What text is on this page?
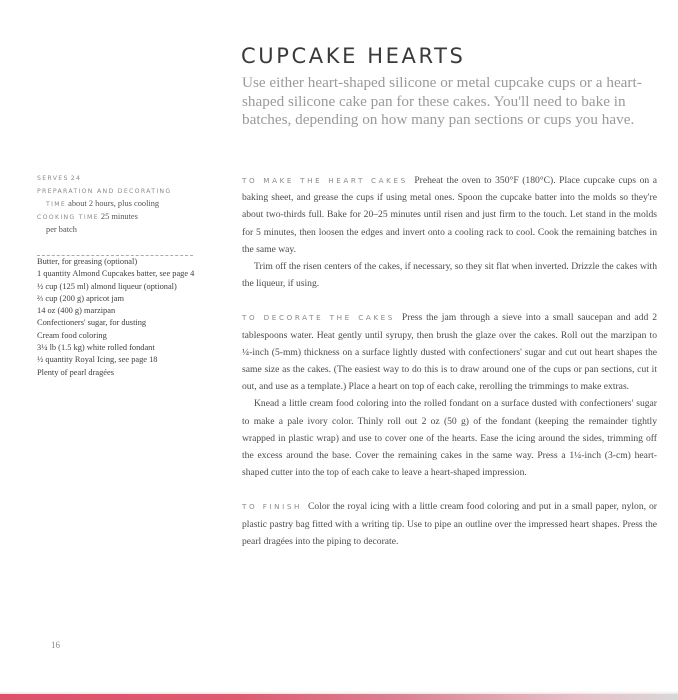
CUPCAKE HEARTS

Use either heart-shaped silicone or metal cupcake cups or a heart-shaped silicone cake pan for these cakes. You'll need to bake in batches, depending on how many pan sections or cups you have.

SERVES 24
PREPARATION AND DECORATING
TIME about 2 hours, plus cooling
COOKING TIME 25 minutes
per batch
Butter, for greasing (optional)
1 quantity Almond Cupcakes batter, see page 4
½ cup (125 ml) almond liqueur (optional)
⅔ cup (200 g) apricot jam
14 oz (400 g) marzipan
Confectioners' sugar, for dusting
Cream food coloring
3¼ lb (1.5 kg) white rolled fondant
½ quantity Royal Icing, see page 18
Plenty of pearl dragées

TO MAKE THE HEART CAKES Preheat the oven to 350°F (180°C). Place cupcake cups on a baking sheet, and grease the cups if using metal ones. Spoon the cupcake batter into the molds so they're about two-thirds full. Bake for 20–25 minutes until risen and just firm to the touch. Let stand in the molds for 5 minutes, then loosen the edges and invert onto a cooling rack to cool. Cook the remaining batches in the same way.

Trim off the risen centers of the cakes, if necessary, so they sit flat when inverted. Drizzle the cakes with the liqueur, if using.

TO DECORATE THE CAKES Press the jam through a sieve into a small saucepan and add 2 tablespoons water. Heat gently until syrupy, then brush the glaze over the cakes. Roll out the marzipan to ¼-inch (5-mm) thickness on a surface lightly dusted with confectioners' sugar and cut out heart shapes the same size as the cakes. (The easiest way to do this is to draw around one of the cups or pan sections, cut it out, and use as a template.) Place a heart on top of each cake, rerolling the trimmings to make extras.

Knead a little cream food coloring into the rolled fondant on a surface dusted with confectioners' sugar to make a pale ivory color. Thinly roll out 2 oz (50 g) of the fondant (keeping the remainder tightly wrapped in plastic wrap) and use to cover one of the hearts. Ease the icing around the sides, trimming off the excess around the base. Cover the remaining cakes in the same way. Press a 1¼-inch (3-cm) heart-shaped cutter into the top of each cake to leave a heart-shaped impression.

TO FINISH Color the royal icing with a little cream food coloring and put in a small paper, nylon, or plastic pastry bag fitted with a writing tip. Use to pipe an outline over the impressed heart shapes. Press the pearl dragées into the piping to decorate.

16
